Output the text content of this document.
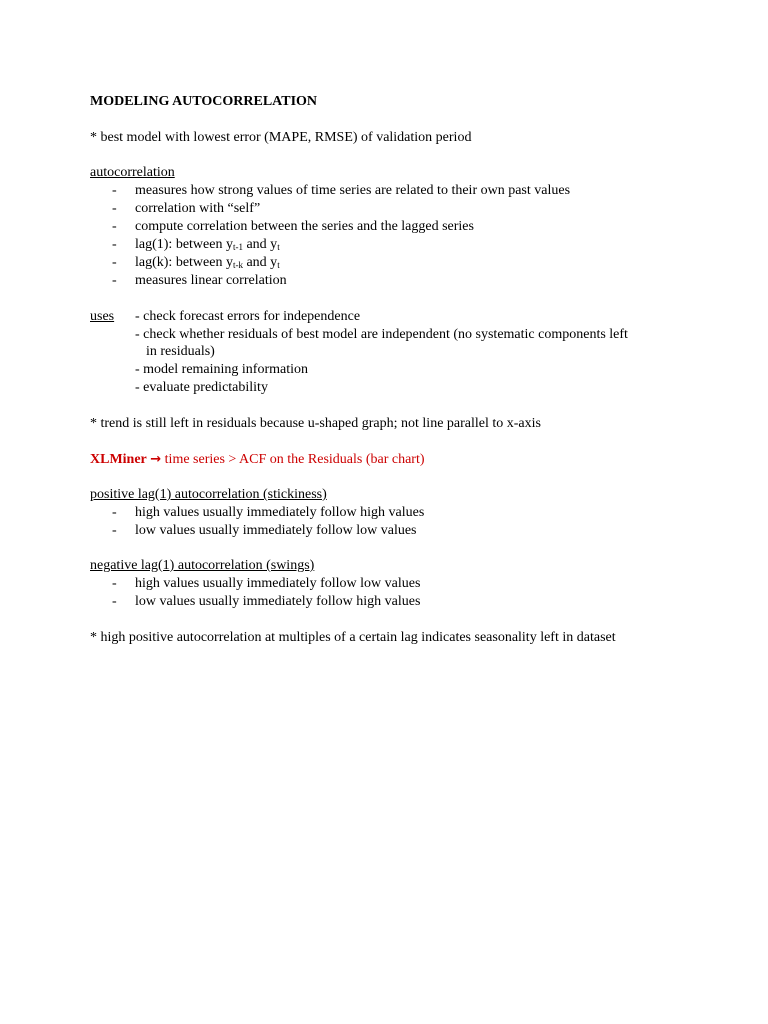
MODELING AUTOCORRELATION
* best model with lowest error (MAPE, RMSE) of validation period
autocorrelation
- measures how strong values of time series are related to their own past values
- correlation with “self”
- compute correlation between the series and the lagged series
- lag(1): between $y_{t-1}$ and $y_t$
- lag(k): between $y_{t-k}$ and $y_t$
- measures linear correlation
uses - check forecast errors for independence
- check whether residuals of best model are independent (no systematic components left
in residuals)
- model remaining information
- evaluate predictability
* trend is still left in residuals because u-shaped graph; not line parallel to x-axis
XLMiner → time series > ACF on the Residuals (bar chart)
positive lag(1) autocorrelation (stickiness)
- high values usually immediately follow high values
- low values usually immediately follow low values
negative lag(1) autocorrelation (swings)
- high values usually immediately follow low values
- low values usually immediately follow high values
* high positive autocorrelation at multiples of a certain lag indicates seasonality left in dataset
